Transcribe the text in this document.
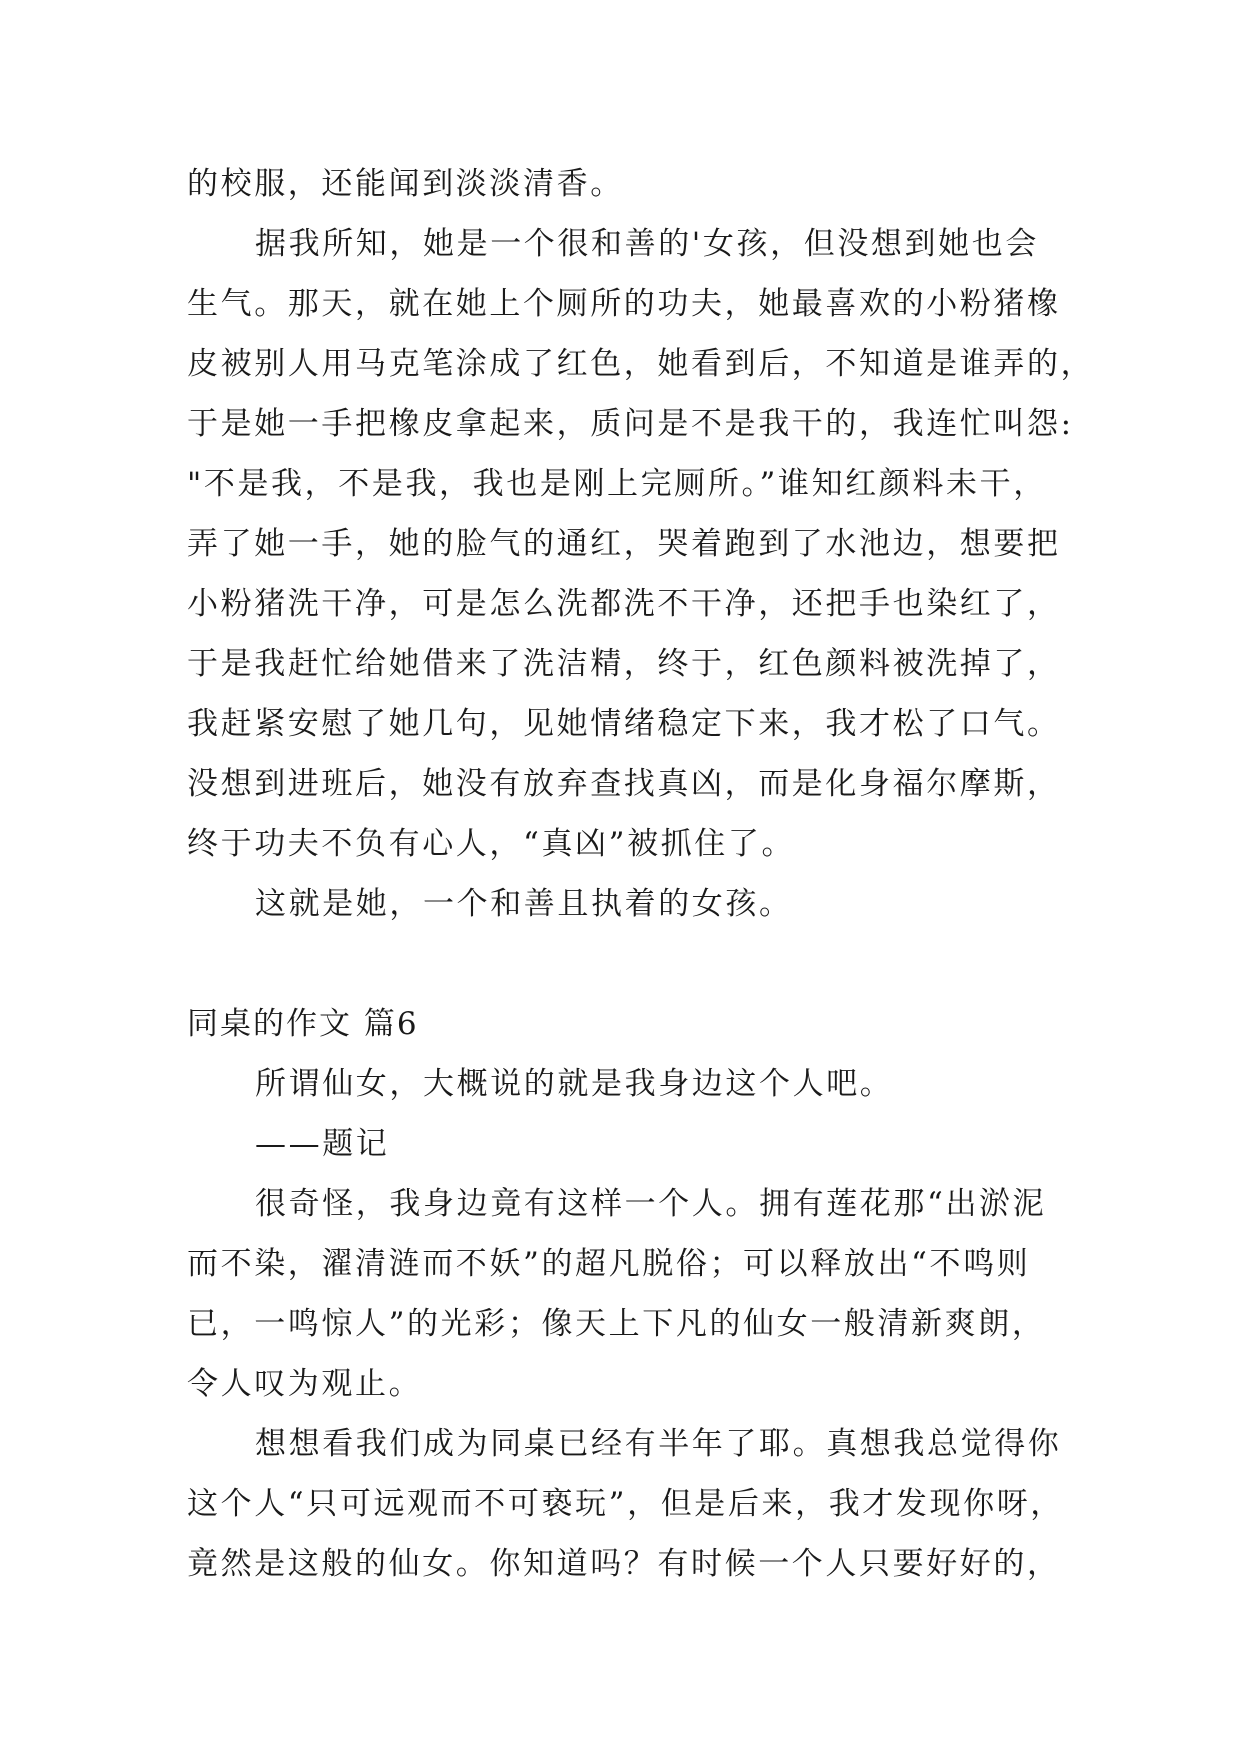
的校服，还能闻到淡淡清香。
据我所知，她是一个很和善的'女孩，但没想到她也会
生气。那天，就在她上个厕所的功夫，她最喜欢的小粉猪橡
皮被别人用马克笔涂成了红色，她看到后，不知道是谁弄的，
于是她一手把橡皮拿起来，质问是不是我干的，我连忙叫怨:
"不是我，不是我，我也是刚上完厕所。”谁知红颜料未干，
弄了她一手，她的脸气的通红，哭着跑到了水池边，想要把
小粉猪洗干净，可是怎么洗都洗不干净，还把手也染红了，
于是我赶忙给她借来了洗洁精，终于，红色颜料被洗掉了，
我赶紧安慰了她几句，见她情绪稳定下来，我才松了口气。
没想到进班后，她没有放弃查找真凶，而是化身福尔摩斯，
终于功夫不负有心人，“真凶”被抓住了。
这就是她，一个和善且执着的女孩。
同桌的作文 篇6
所谓仙女，大概说的就是我身边这个人吧。
——题记
很奇怪，我身边竟有这样一个人。拥有莲花那“出淤泥
而不染，濯清涟而不妖”的超凡脱俗；可以释放出“不鸣则
已，一鸣惊人”的光彩；像天上下凡的仙女一般清新爽朗，
令人叹为观止。
想想看我们成为同桌已经有半年了耶。真想我总觉得你
这个人“只可远观而不可亵玩”，但是后来，我才发现你呀，
竟然是这般的仙女。你知道吗？有时候一个人只要好好的，
